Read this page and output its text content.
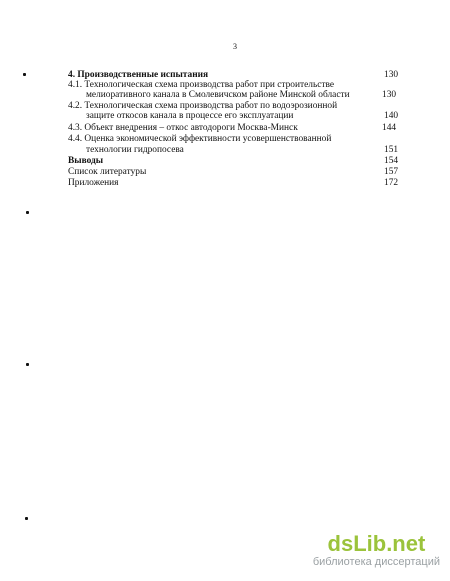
3
4. Производственные испытания	130
4.1. Технологическая схема производства работ при строительстве
мелиоративного канала в Смолевичском районе Минской области	130
4.2. Технологическая схема производства работ по водоэрозионной
защите откосов канала в процессе его эксплуатации	140
4.3. Объект внедрения – откос автодороги Москва-Минск	144
4.4. Оценка экономической эффективности усовершенствованной
технологии гидропосева	151
Выводы	154
Список литературы	157
Приложения	172
dsLib.net
библиотека диссертаций
